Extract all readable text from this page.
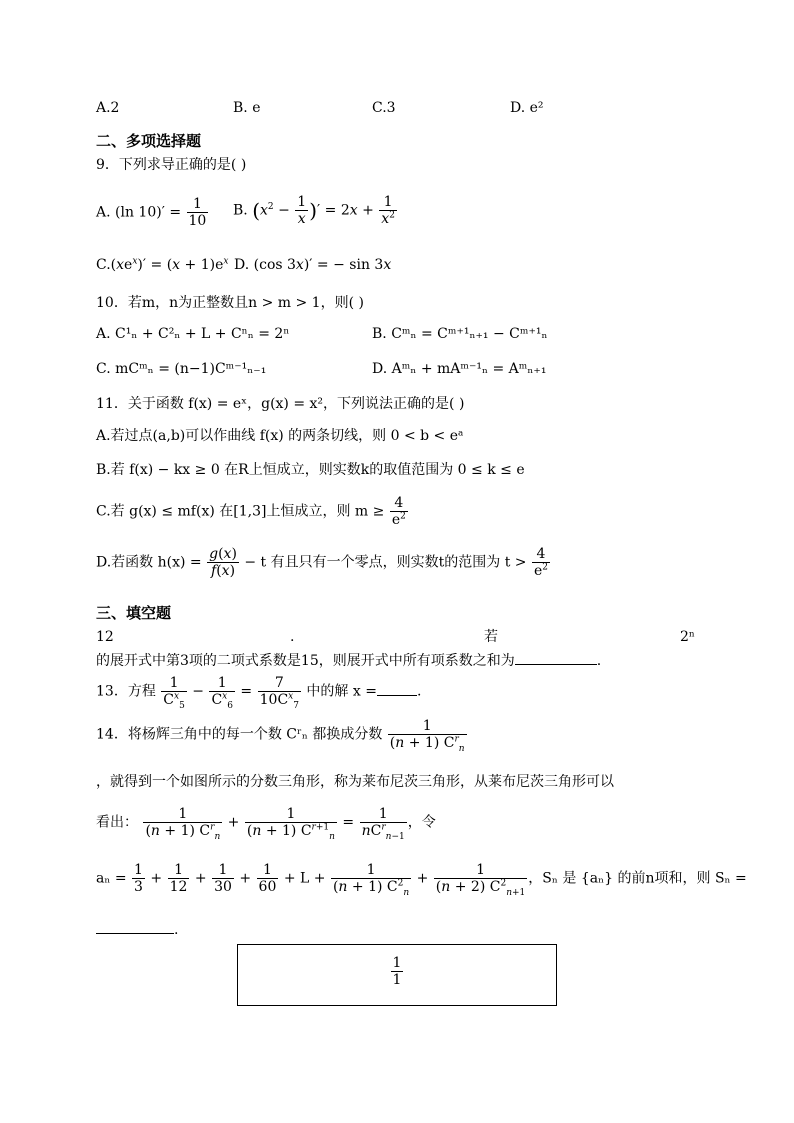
A.2	B. e	C.3	D. e²
二、多项选择题
9．下列求导正确的是( )
A. (ln $10)' = \frac{1}{10} B$. ($x^2 - \frac{1}{x}$ )′ = $2x + \frac{1}{x^2}$
$C.(xe^x)' = (x + 1)e^x$ D. (cos 3x)′ = − sin 3x
10．若m，n为正整数且n > m > 1，则( )
A. C¹ₙ + C²ₙ + L + Cⁿₙ = 2ⁿ	B. Cᵐₙ = Cᵐ⁺¹ₙ₊₁ − Cᵐ⁺¹ₙ
C. mCᵐₙ = (n−1)Cᵐ⁻¹ₙ₋₁	D. Aᵐₙ + mAᵐ⁻¹ₙ = Aᵐₙ₊₁
11．关于函数 f(x) = eˣ，g(x) = x²，下列说法正确的是( )
A.若过点(a,b)可以作曲线 f(x) 的两条切线，则 0 < b < eᵃ
B.若 f(x) − kx ≥ 0 在R上恒成立，则实数k的取值范围为 0 ≤ k ≤ e
C.若 g(x) ≤ mf(x) 在[1,3]上恒成立，则 $m \ge \frac{4}{e^2}$
D.若函数 $h(x) = \frac{g(x)}{f(x)} - t$ 有且只有一个零点，则实数t的范围为 $t > \frac{4}{e^2}$
三、填空题
12	.	若	2ⁿ
的展开式中第3项的二项式系数是15，则展开式中所有项系数之和为	.
13．方程 $\frac{1}{C^x_5} - \frac{1}{C^x_6} = \frac{7}{10C^x_7}$ 中的解 x =	.
14．将杨辉三角中的每一个数 Cʳₙ 都换成分数 $\frac{1}{(n + 1) C^r_n}$
，就得到一个如图所示的分数三角形，称为莱布尼茨三角形，从莱布尼茨三角形可以
看出： $\frac{1}{(n + 1) C^r_n} + \frac{1}{(n + 1) C^{r+1}_n} = \frac{1}{nC^r_{n-1}}$ ，令
$a_n = \frac{1}{3} + \frac{1}{12} + \frac{1}{30} + \frac{1}{60} + L + \frac{1}{(n + 1) C^2_n} + \frac{1}{(n + 2) C^2_{n+1}}$ ，Sₙ 是 {aₙ} 的前n项和，则 Sₙ =
.
$\frac{1}{1}$
